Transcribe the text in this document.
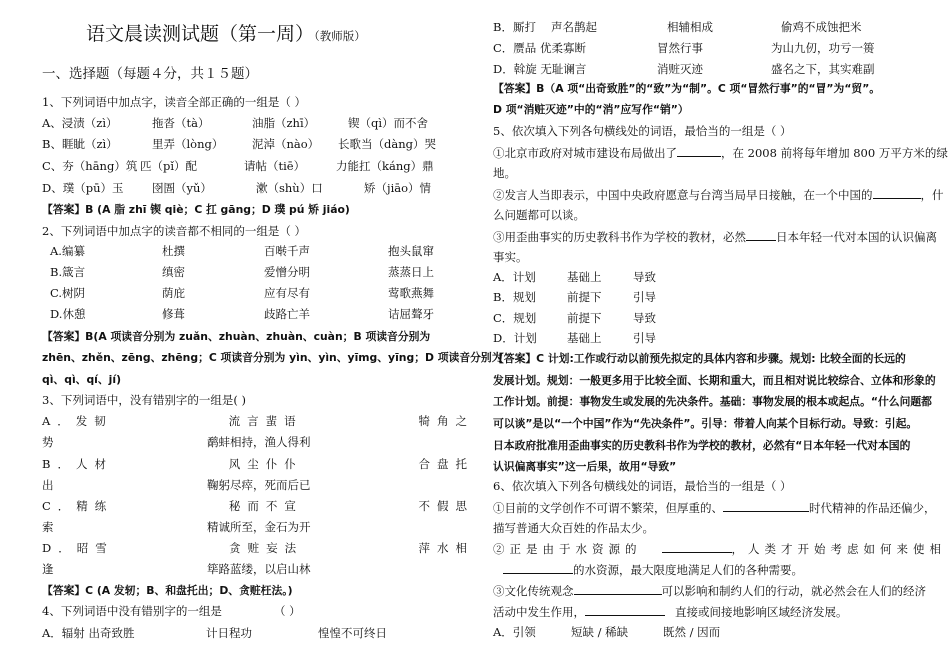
语文晨读测试题（第一周）（教师版）
一、选择题（每题４分，共１５题）
1、下列词语中加点字，读音全部正确的一组是（ ）
A、浸渍（zì）	拖沓（tà）	油脂（zhī）	锲（qì）而不舍
B、睚眦（zì）	里弄（lòng） 泥淖（nào） 长歌当（dàng）哭
C、夯（hāng）筑 匹（pǐ）配	请帖（tiē）	力能扛（káng）鼎
D、璞（pū）玉 囹圄（yǔ）	漱（shù）口	矫（jiāo）情
【答案】B (A 脂 zhī 锲 qiè；C 扛 gāng；D 璞 pú 矫 jiáo)
2、下列词语中加点字的读音都不相同的一组是（ ）
A.编纂	杜撰	百啭千声	抱头鼠窜
B.箴言	缜密	爱憎分明	蒸蒸日上
C.树阴	荫庇	应有尽有	莺歌燕舞
D.休憩	修葺	歧路亡羊	诘屈聱牙
【答案】B(A 项读音分别为 zuǎn、zhuàn、zhuàn、cuàn；B 项读音分别为
zhēn、zhěn、zēng、zhēng；C 项读音分别为 yìn、yìn、yīmg、yīng；D 项读音分别为
qì、qì、qí、jí)
3、下列词语中，没有错别字的一组是( )
A．发韧	流言蜚语	犄角之
势	鹬蚌相持，渔人得利
B．人材	风尘仆仆	合盘托
出	鞠躬尽瘁，死而后已
C．精练	秘而不宣	不假思
索	精诚所至，金石为开
D．昭雪	贪赃妄法	萍水相
逢	筚路蓝缕，以启山林
【答案】C (A 发轫；B、和盘托出；D、贪赃枉法。)
4、下列词语中没有错别字的一组是	（ ）
A．辐射 出奇致胜	计日程功	惶惶不可终日
B．厮打 声名鹊起	相辅相成	偷鸡不成蚀把米
C．赝品 优柔寡断	冒然行事	为山九仞，功亏一篑
D．斡旋 无耻谰言	消赃灭迹	盛名之下，其实难副
【答案】B（A 项“出奇致胜”的“致”为“制”。C 项“冒然行事”的“冒”为“贸”。
D 项“消赃灭迹”中的“消”应写作“销”）
5、依次填入下列各句横线处的词语，最恰当的一组是（ ）
①北京市政府对城市建设布局做出了	，在 2008 前将每年增加 800 万平方米的绿
地。
②发言人当即表示，中国中央政府愿意与台湾当局早日接触，在一个中国的	，什
么问题都可以谈。
③用歪曲事实的历史教科书作为学校的教材，必然	日本年轻一代对本国的认识偏离
事实。
A．计划	基础上	导致
B．规划	前提下	引导
C．规划	前提下	导致
D．计划	基础上	引导
【答案】C 计划:工作或行动以前预先拟定的具体内容和步骤。规划: 比较全面的长远的
发展计划。规划：一般更多用于比较全面、长期和重大，而且相对说比较综合、立体和形象的
工作计划。前提：事物发生或发展的先决条件。基础：事物发展的根本或起点。“什么问题都
可以谈”是以“一个中国”作为“先决条件”。引导：带着人向某个目标行动。导致：引起。
日本政府批准用歪曲事实的历史教科书作为学校的教材，必然有“日本年轻一代对本国的
认识偏离事实”这一后果，故用“导致”
6、依次填入下列各句横线处的词语，最恰当的一组是（ ）
①目前的文学创作不可谓不繁荣，但厚重的、	时代精神的作品还偏少，
描写普通大众百姓的作品太少。
②正是由于水资源的	，人类才开始考虑如何来使相
的水资源，最大限度地满足人们的各种需要。
③文化传统观念	可以影响和制约人们的行动，就必然会在人们的经济
活动中发生作用，	直接或间接地影响区域经济发展。
A．引领	短缺 / 稀缺	既然 / 因而
